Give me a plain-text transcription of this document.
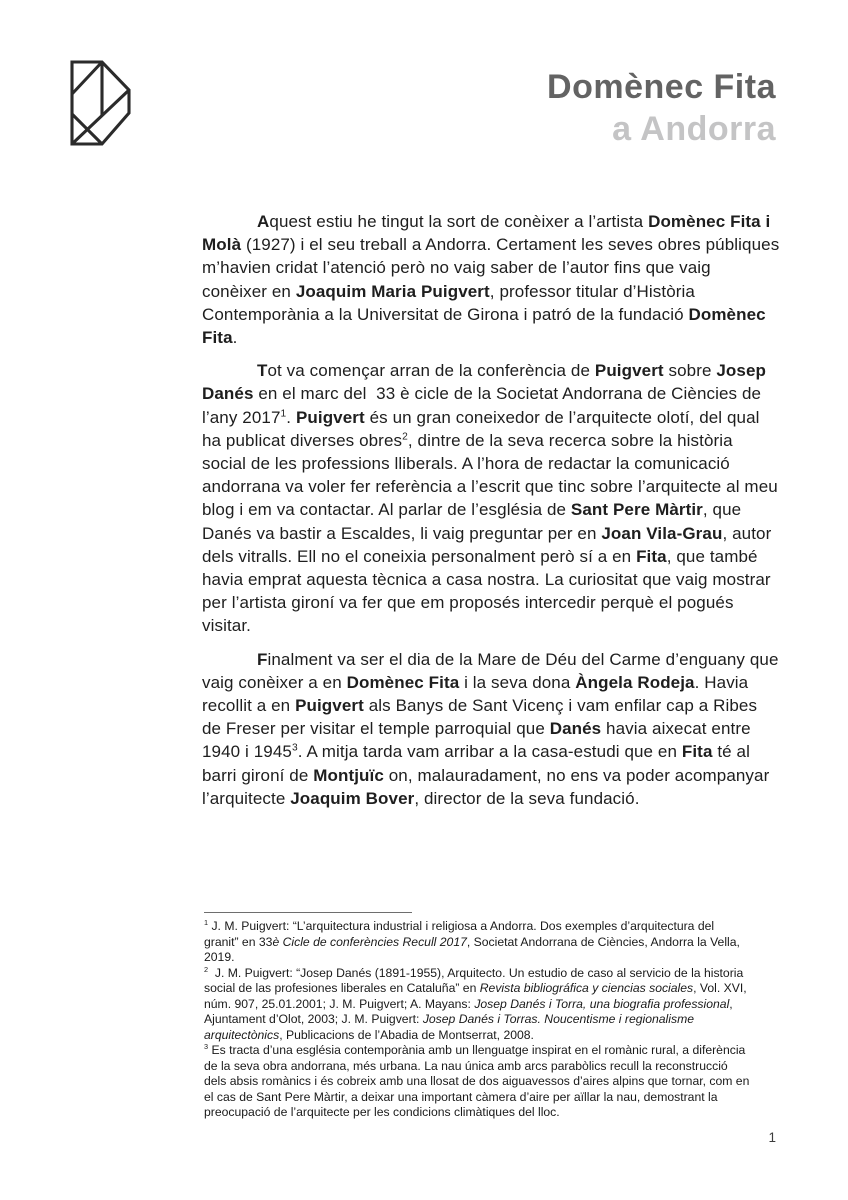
Domènec Fita
a Andorra

Aquest estiu he tingut la sort de conèixer a l’artista Domènec Fita i Molà (1927) i el seu treball a Andorra. Certament les seves obres públiques m’havien cridat l’atenció però no vaig saber de l’autor fins que vaig conèixer en Joaquim Maria Puigvert, professor titular d’Història Contemporània a la Universitat de Girona i patró de la fundació Domènec Fita.

Tot va començar arran de la conferència de Puigvert sobre Josep Danés en el marc del  33 è cicle de la Societat Andorrana de Ciències de l’any 2017$^1$. Puigvert és un gran coneixedor de l’arquitecte olotí, del qual ha publicat diverses obres$^2$, dintre de la seva recerca sobre la història social de les professions lliberals. A l’hora de redactar la comunicació andorrana va voler fer referència a l’escrit que tinc sobre l’arquitecte al meu blog i em va contactar. Al parlar de l’església de Sant Pere Màrtir, que Danés va bastir a Escaldes, li vaig preguntar per en Joan Vila-Grau, autor dels vitralls. Ell no el coneixia personalment però sí a en Fita, que també havia emprat aquesta tècnica a casa nostra. La curiositat que vaig mostrar per l’artista gironí va fer que em proposés intercedir perquè el pogués visitar.

Finalment va ser el dia de la Mare de Déu del Carme d’enguany que vaig conèixer a en Domènec Fita i la seva dona Àngela Rodeja. Havia recollit a en Puigvert als Banys de Sant Vicenç i vam enfilar cap a Ribes de Freser per visitar el temple parroquial que Danés havia aixecat entre 1940 i 1945$^3$. A mitja tarda vam arribar a la casa-estudi que en Fita té al barri gironí de Montjuïc on, malauradament, no ens va poder acompanyar l’arquitecte Joaquim Bover, director de la seva fundació.

$^1$ J. M. Puigvert: “L’arquitectura industrial i religiosa a Andorra. Dos exemples d’arquitectura del granit” en 33è Cicle de conferències Recull 2017, Societat Andorrana de Ciències, Andorra la Vella, 2019.

$^2$  J. M. Puigvert: “Josep Danés (1891-1955), Arquitecto. Un estudio de caso al servicio de la historia social de las profesiones liberales en Cataluña” en Revista bibliográfica y ciencias sociales, Vol. XVI, núm. 907, 25.01.2001; J. M. Puigvert; A. Mayans: Josep Danés i Torra, una biografia professional, Ajuntament d’Olot, 2003; J. M. Puigvert: Josep Danés i Torras. Noucentisme i regionalisme arquitectònics, Publicacions de l’Abadia de Montserrat, 2008.

$^3$ Es tracta d’una església contemporània amb un llenguatge inspirat en el romànic rural, a diferència de la seva obra andorrana, més urbana. La nau única amb arcs parabòlics recull la reconstrucció dels absis romànics i és cobreix amb una llosat de dos aiguavessos d’aires alpins que tornar, com en el cas de Sant Pere Màrtir, a deixar una important càmera d’aire per aïllar la nau, demostrant la preocupació de l’arquitecte per les condicions climàtiques del lloc.

1
